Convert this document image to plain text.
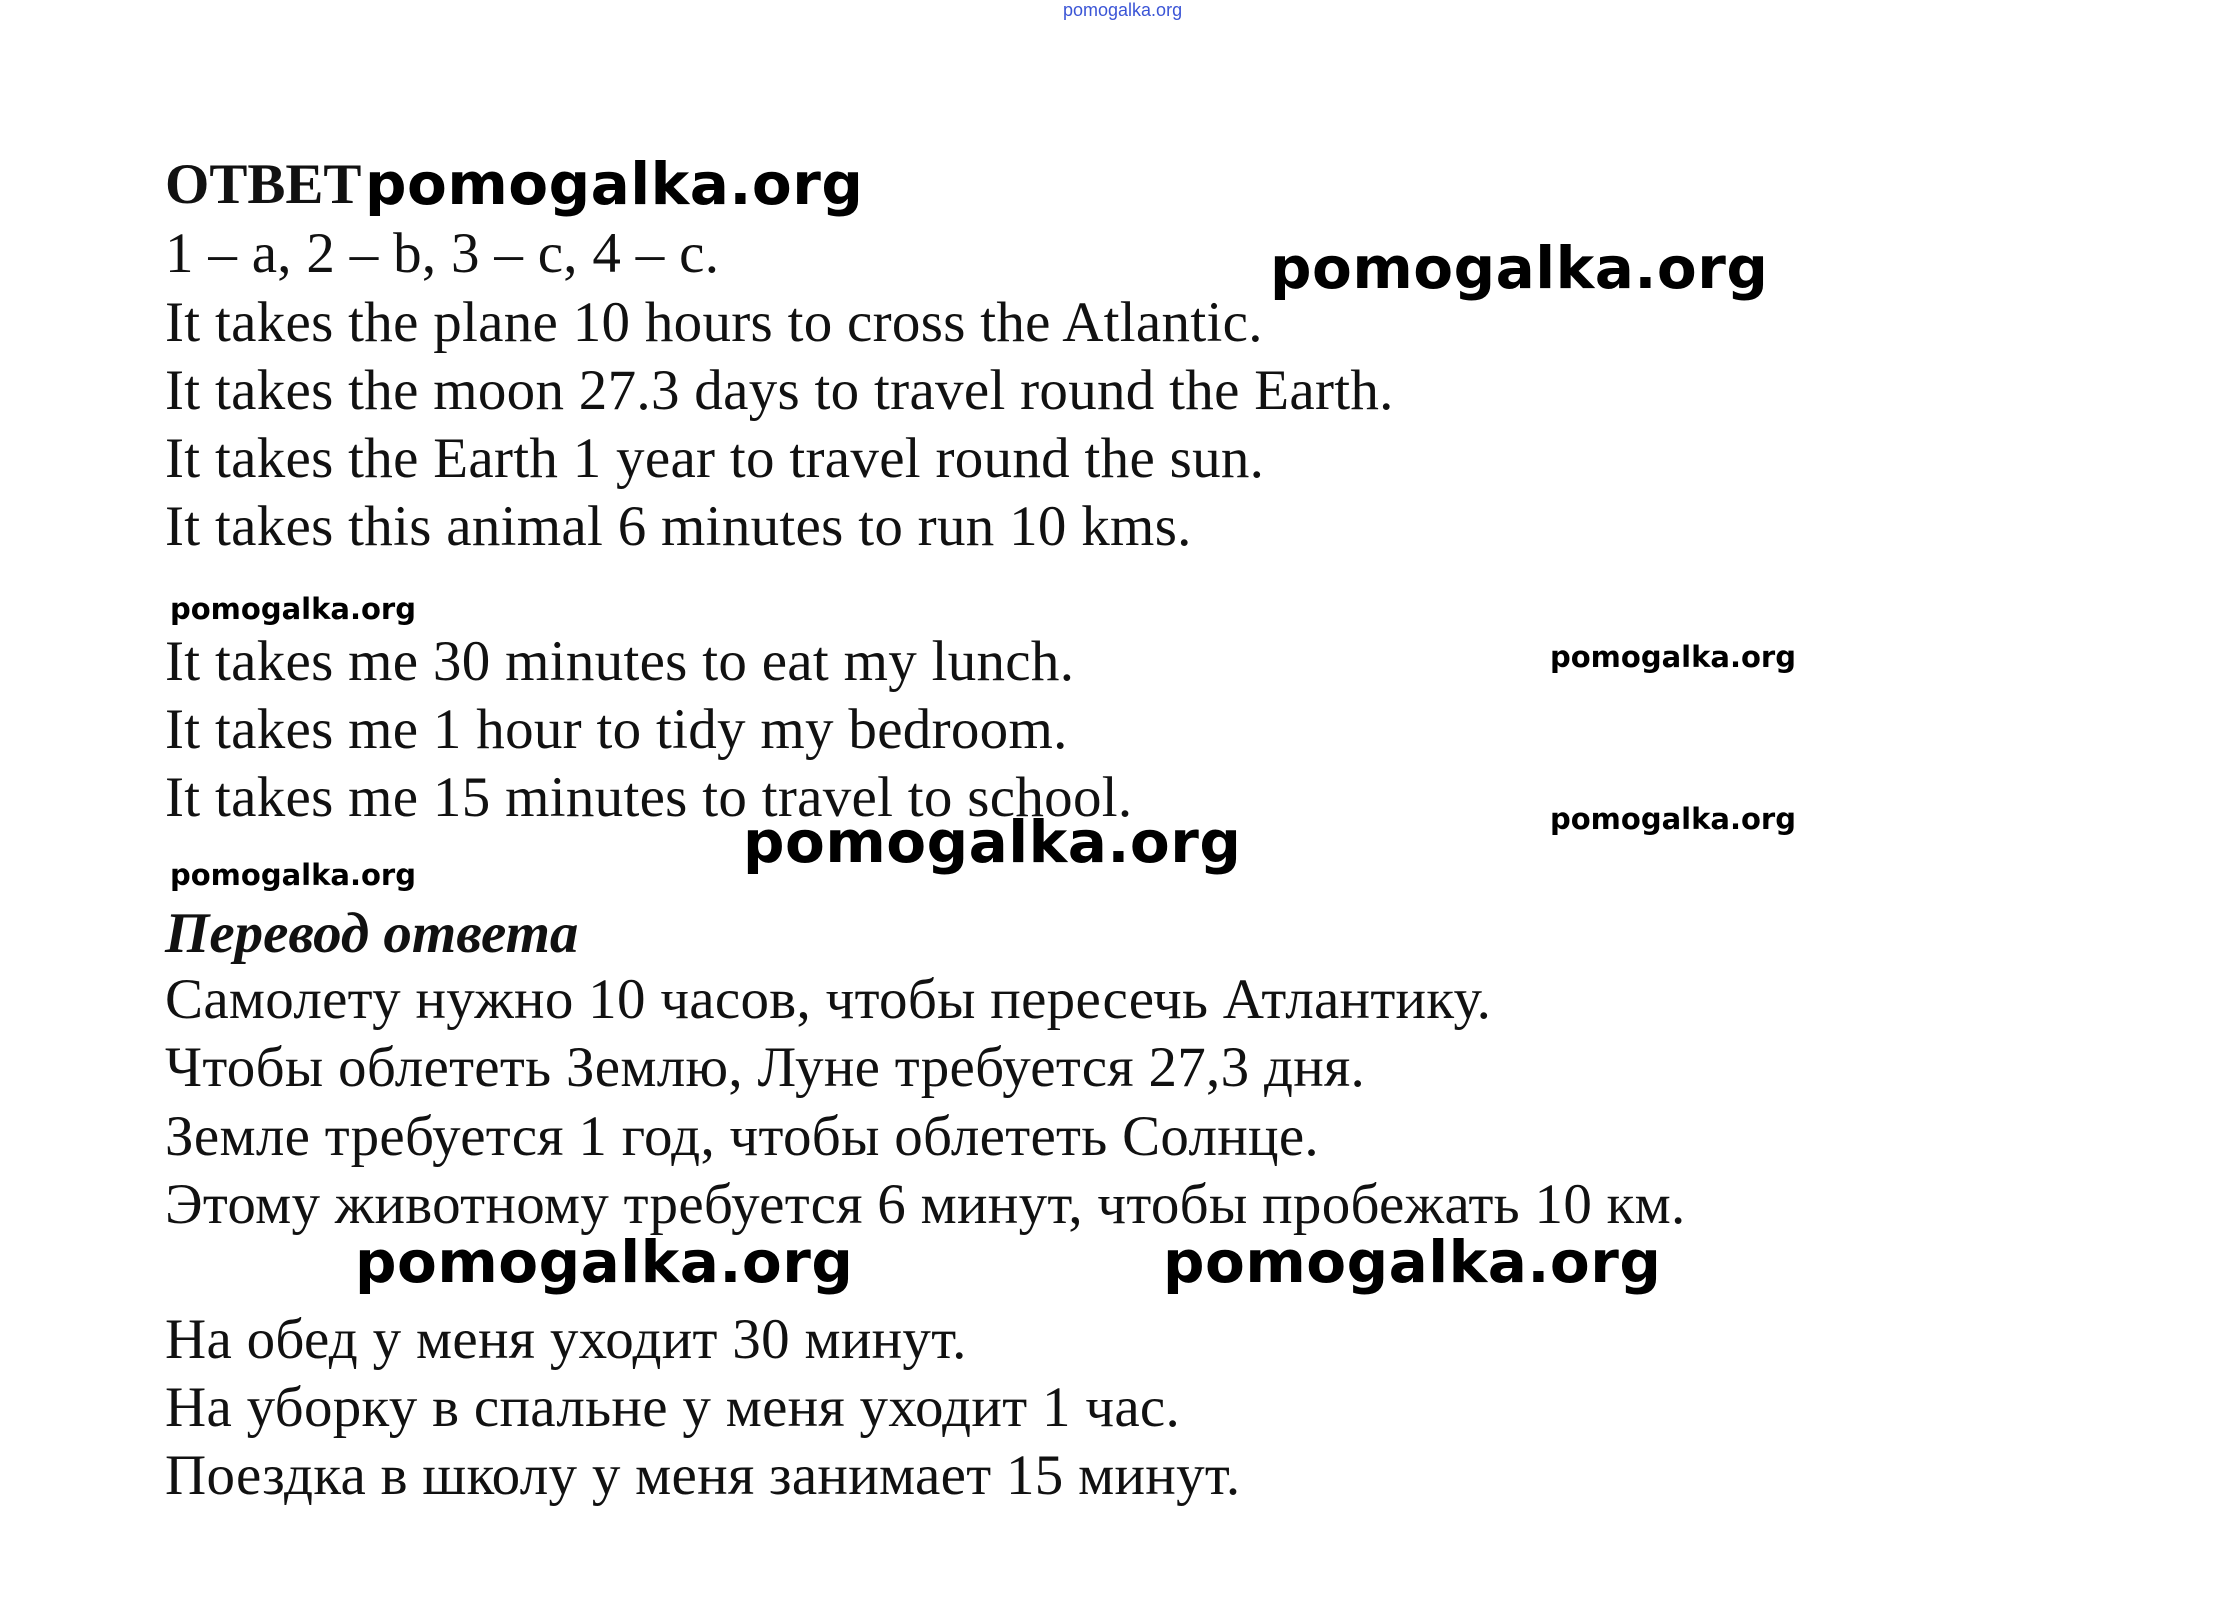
pomogalka.org
ОТВЕТ
1 – a, 2 – b, 3 – c, 4 – c.
It takes the plane 10 hours to cross the Atlantic.
It takes the moon 27.3 days to travel round the Earth.
It takes the Earth 1 year to travel round the sun.
It takes this animal 6 minutes to run 10 kms.
It takes me 30 minutes to eat my lunch.
It takes me 1 hour to tidy my bedroom.
It takes me 15 minutes to travel to school.
Перевод ответа
Самолету нужно 10 часов, чтобы пересечь Атлантику.
Чтобы облететь Землю, Луне требуется 27,3 дня.
Земле требуется 1 год, чтобы облететь Солнце.
Этому животному требуется 6 минут, чтобы пробежать 10 км.
На обед у меня уходит 30 минут.
На уборку в спальне у меня уходит 1 час.
Поездка в школу у меня занимает 15 минут.
pomogalka.org
pomogalka.org
pomogalka.org
pomogalka.org
pomogalka.org
pomogalka.org
pomogalka.org
pomogalka.org	pomogalka.org
